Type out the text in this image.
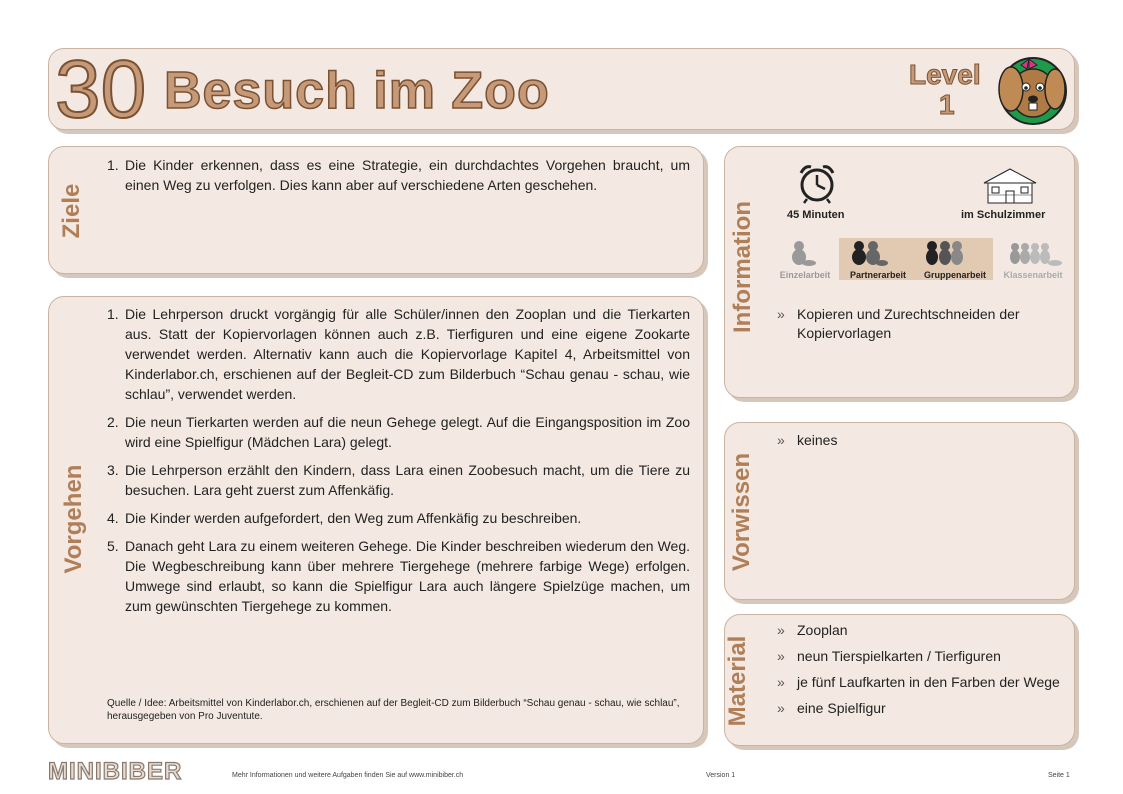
30 Besuch im Zoo	Level
1
Ziele
1. Die Kinder erkennen, dass es eine Strategie, ein durchdachtes Vorgehen braucht, um einen Weg zu verfolgen. Dies kann aber auf verschiedene Arten geschehen.
Vorgehen
1. Die Lehrperson druckt vorgängig für alle Schüler/innen den Zooplan und die Tierkarten aus. Statt der Kopiervorlagen können auch z.B. Tierfiguren und eine eigene Zookarte verwendet werden. Alternativ kann auch die Kopiervorlage Kapitel 4, Arbeitsmittel von Kinderlabor.ch, erschienen auf der Begleit-CD zum Bilderbuch “Schau genau - schau, wie schlau”, verwendet werden.
2. Die neun Tierkarten werden auf die neun Gehege gelegt. Auf die Eingangsposition im Zoo wird eine Spielfigur (Mädchen Lara) gelegt.
3. Die Lehrperson erzählt den Kindern, dass Lara einen Zoobesuch macht, um die Tiere zu besuchen. Lara geht zuerst zum Affenkäfig.
4. Die Kinder werden aufgefordert, den Weg zum Affenkäfig zu beschreiben.
5. Danach geht Lara zu einem weiteren Gehege. Die Kinder beschreiben wiederum den Weg. Die Wegbeschreibung kann über mehrere Tiergehege (mehrere farbige Wege) erfolgen. Umwege sind erlaubt, so kann die Spielfigur Lara auch längere Spielzüge machen, um zum gewünschten Tiergehege zu kommen.
Quelle / Idee: Arbeitsmittel von Kinderlabor.ch, erschienen auf der Begleit-CD zum Bilderbuch “Schau genau - schau, wie schlau”, herausgegeben von Pro Juventute.
Information	45 Minuten	im Schulzimmer
Einzelarbeit	Partnerarbeit	Gruppenarbeit	Klassenarbeit
» Kopieren und Zurechtschneiden der Kopiervorlagen
Vorwissen
» keines
Material
» Zooplan
» neun Tierspielkarten / Tierfiguren
» je fünf Laufkarten in den Farben der Wege
» eine Spielfigur
MINIBIBER	Mehr Informationen und weitere Aufgaben finden Sie auf www.minibiber.ch	Version 1	Seite 1
